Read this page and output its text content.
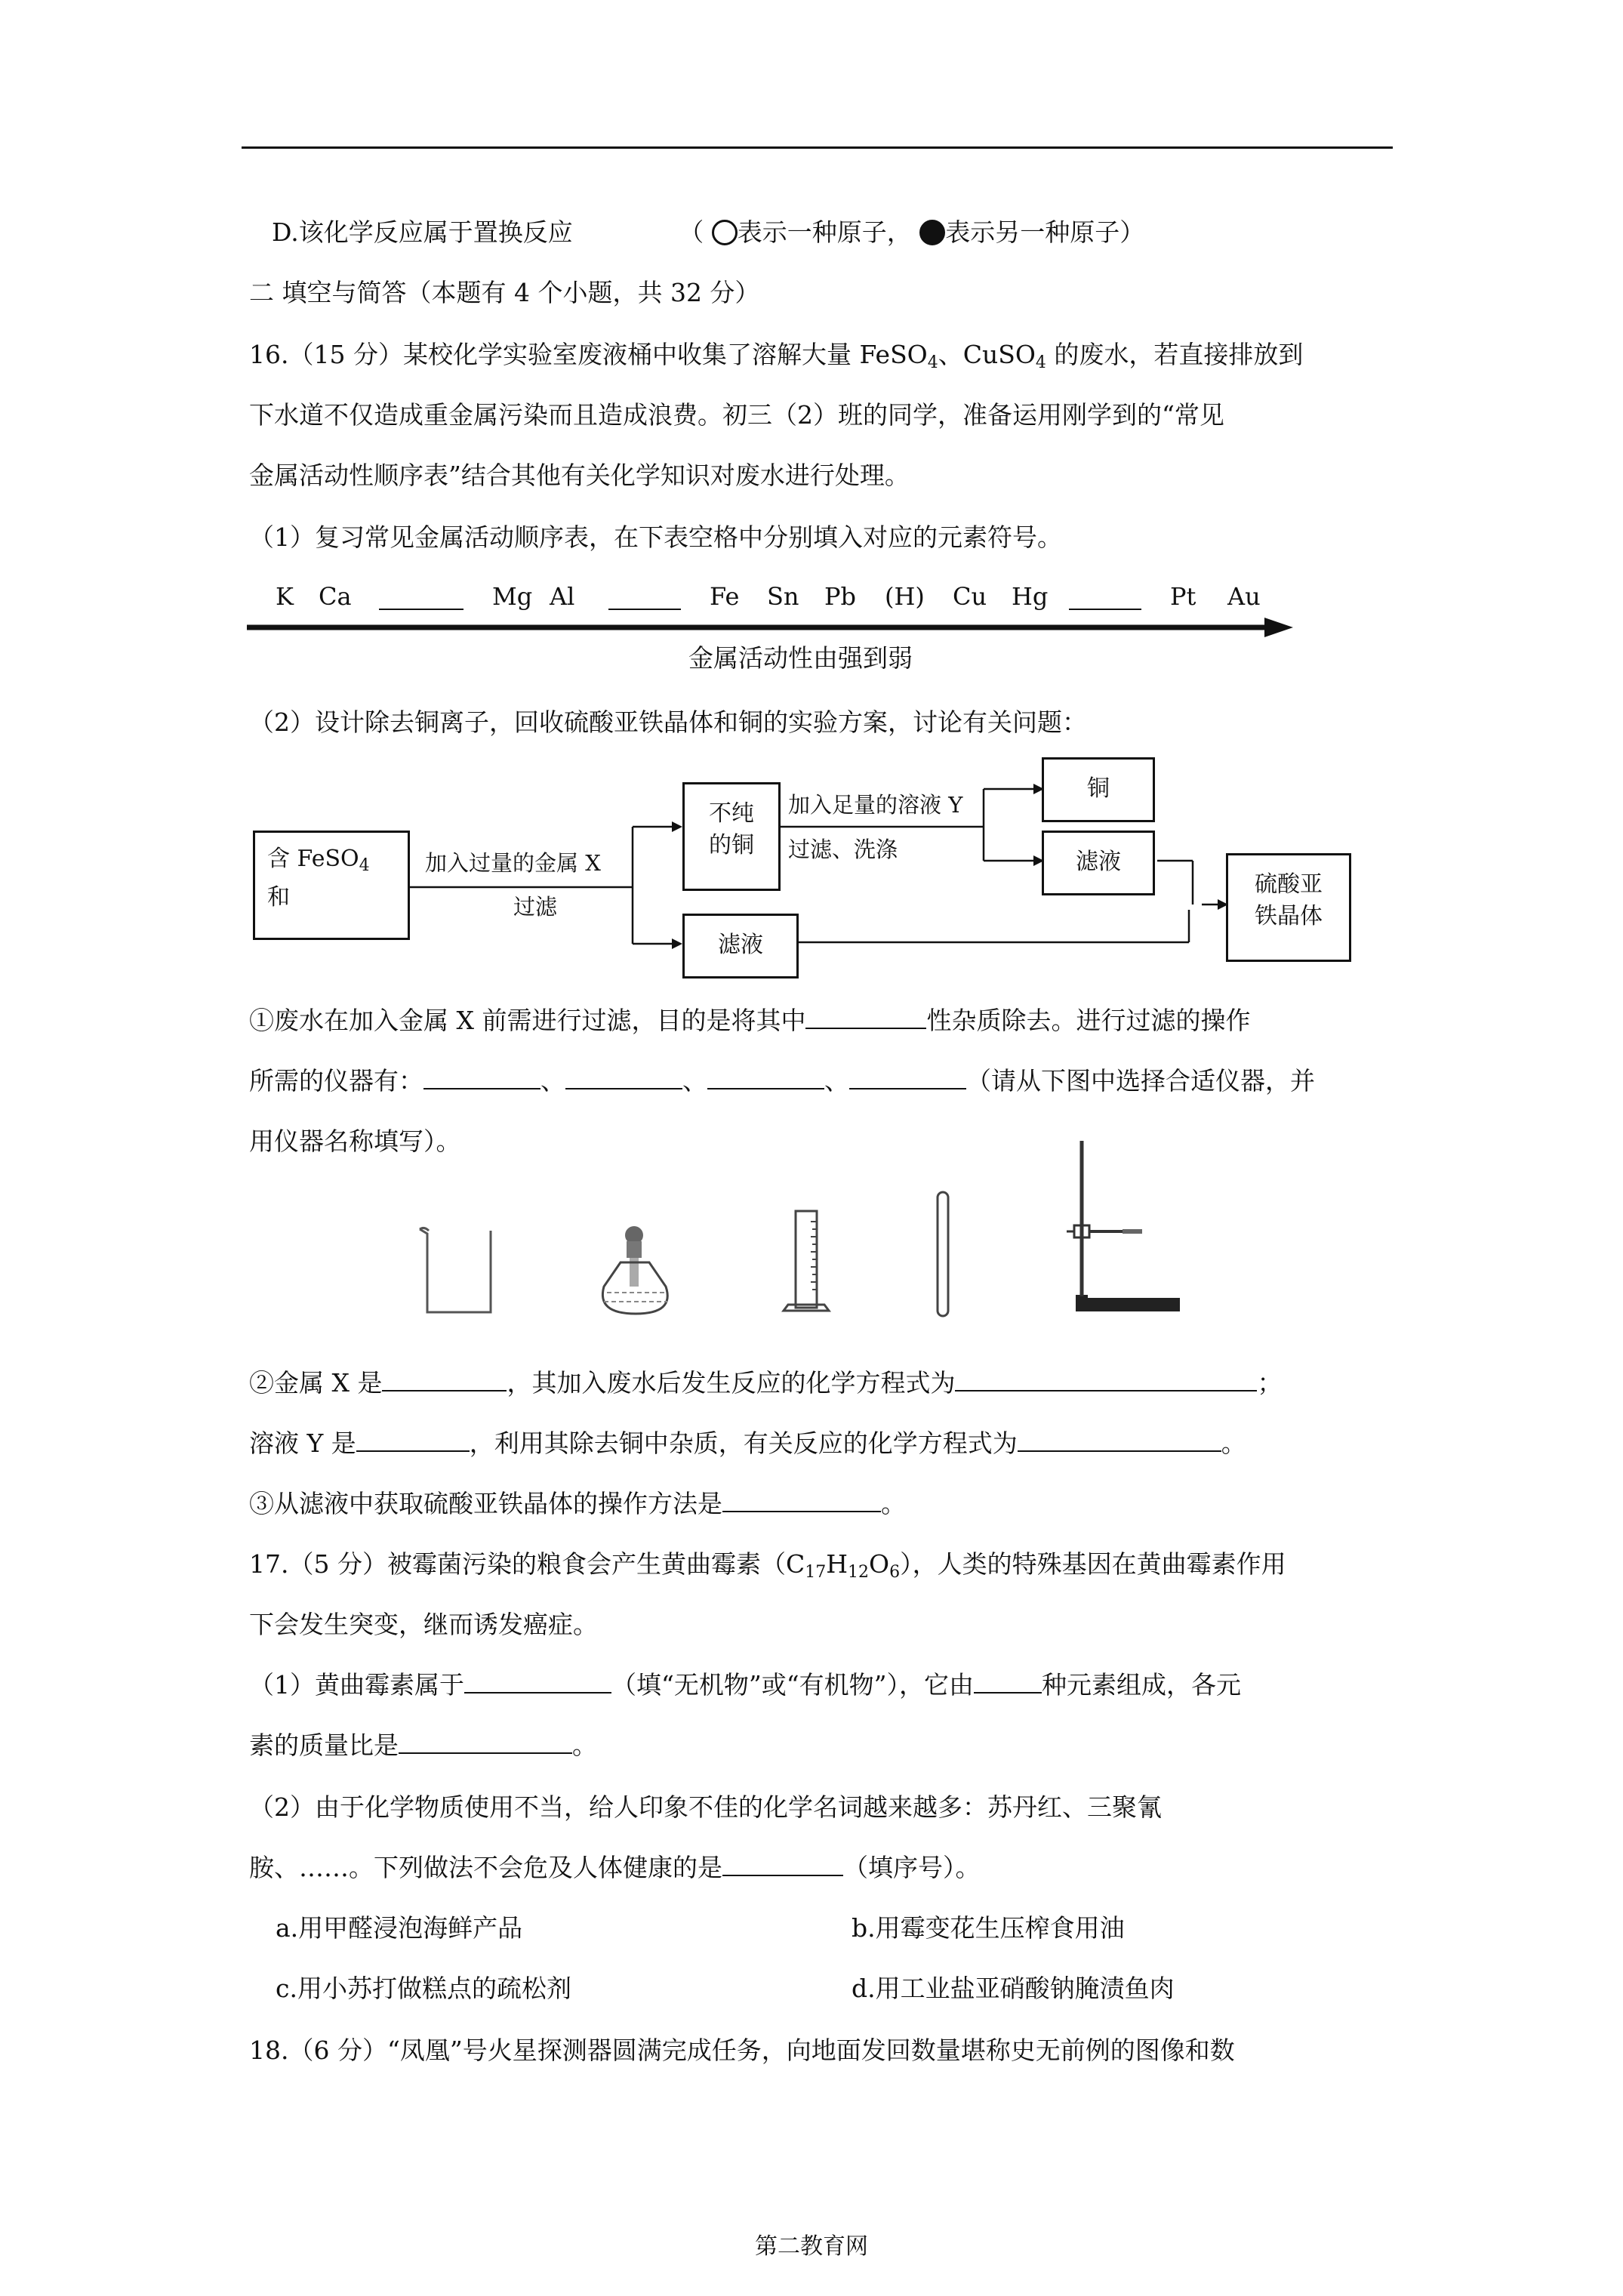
D.该化学反应属于置换反应	（ 表示一种原子， 表示另一种原子）
二 填空与简答（本题有 4 个小题，共 32 分）
16.（15 分）某校化学实验室废液桶中收集了溶解大量 FeSO$_4$、CuSO$_4$ 的废水，若直接排放到
下水道不仅造成重金属污染而且造成浪费。初三（2）班的同学，准备运用刚学到的“常见
金属活动性顺序表”结合其他有关化学知识对废水进行处理。
（1）复习常见金属活动顺序表，在下表空格中分别填入对应的元素符号。
K Ca	Mg Al	Fe Sn Pb (H) Cu Hg	Pt Au
金属活动性由强到弱
（2）设计除去铜离子，回收硫酸亚铁晶体和铜的实验方案，讨论有关问题：
含 FeSO$_4$
和
加入过量的金属 X
过滤
不纯
的铜
加入足量的溶液 Y
过滤、洗涤
铜
滤液
滤液
硫酸亚
铁晶体
①废水在加入金属 X 前需进行过滤，目的是将其中	性杂质除去。进行过滤的操作
所需的仪器有：	、	、	、	（请从下图中选择合适仪器，并
用仪器名称填写）。
②金属 X 是	，其加入废水后发生反应的化学方程式为	；
溶液 Y 是	，利用其除去铜中杂质，有关反应的化学方程式为	。
③从滤液中获取硫酸亚铁晶体的操作方法是	。
17.（5 分）被霉菌污染的粮食会产生黄曲霉素$(C_{17}H_{12}O_6)$，人类的特殊基因在黄曲霉素作用
下会发生突变，继而诱发癌症。
（1）黄曲霉素属于	（填“无机物”或“有机物”），它由	种元素组成，各元
素的质量比是	。
（2）由于化学物质使用不当，给人印象不佳的化学名词越来越多：苏丹红、三聚氰
胺、……。下列做法不会危及人体健康的是	（填序号）。
a.用甲醛浸泡海鲜产品	b.用霉变花生压榨食用油
c.用小苏打做糕点的疏松剂	d.用工业盐亚硝酸钠腌渍鱼肉
18.（6 分）“凤凰”号火星探测器圆满完成任务，向地面发回数量堪称史无前例的图像和数
第二教育网
